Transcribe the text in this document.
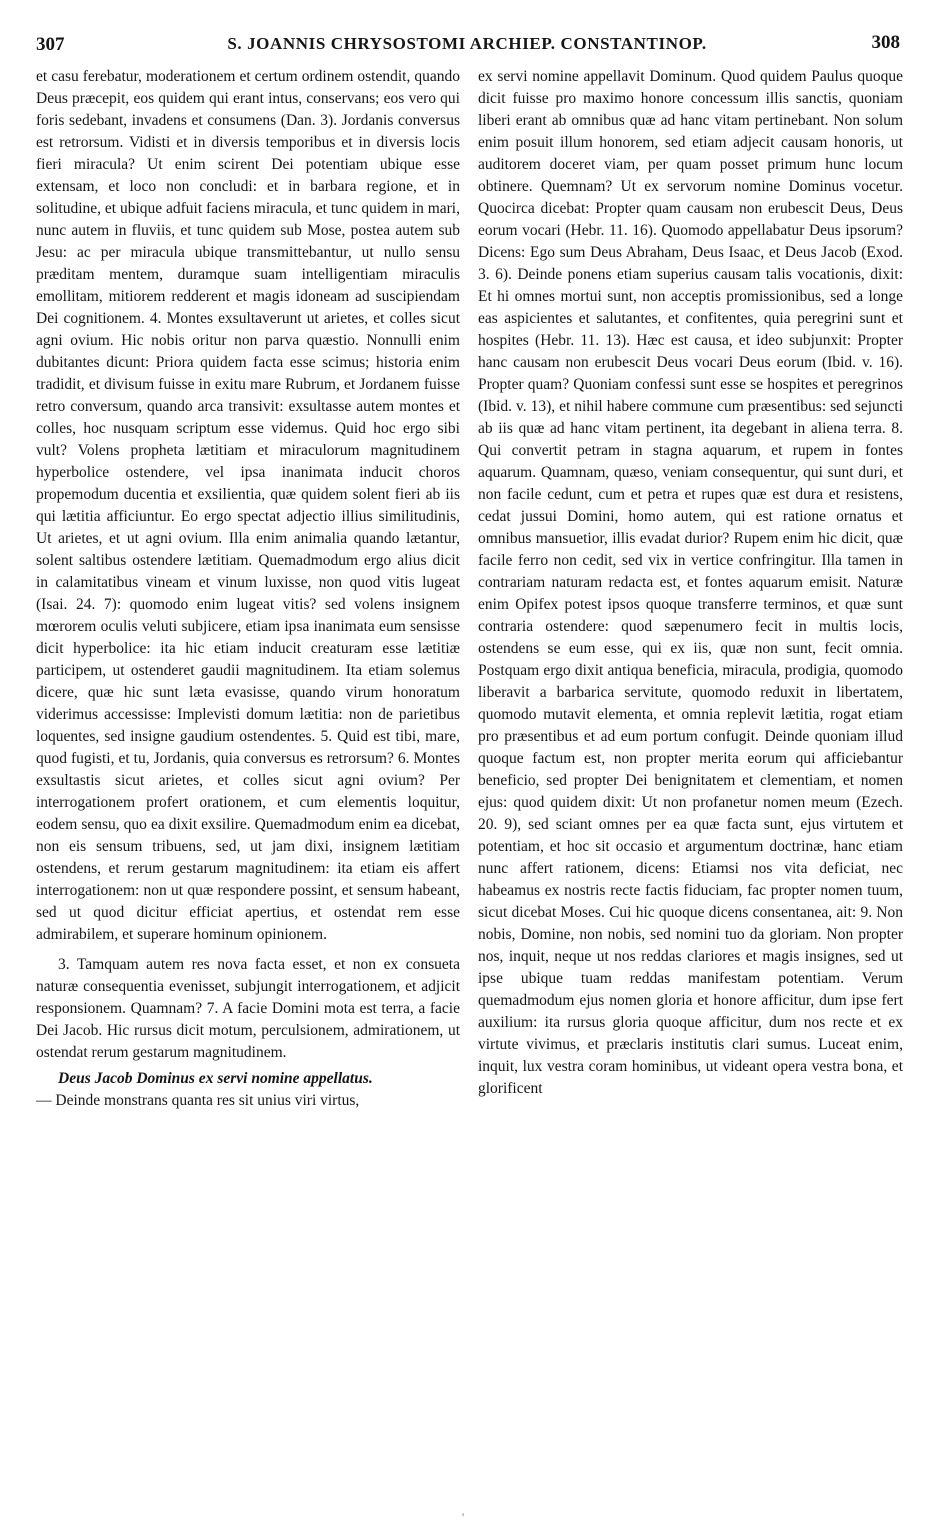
307	S. JOANNIS CHRYSOSTOMI ARCHIEP. CONSTANTINOP.	308

et casu ferebatur, moderationem et certum ordinem ostendit, quando Deus præcepit, eos quidem qui erant intus, conservans; eos vero qui foris sedebant, invadens et consumens (Dan. 3). Jordanis conversus est retrorsum. Vidisti et in diversis temporibus et in diversis locis fieri miracula? Ut enim scirent Dei potentiam ubique esse extensam, et loco non concludi: et in barbara regione, et in solitudine, et ubique adfuit faciens miracula, et tunc quidem in mari, nunc autem in fluviis, et tunc quidem sub Mose, postea autem sub Jesu: ac per miracula ubique transmittebantur, ut nullo sensu præditam mentem, duramque suam intelligentiam miraculis emollitam, mitiorem redderent et magis idoneam ad suscipiendam Dei cognitionem. 4. Montes exsultaverunt ut arietes, et colles sicut agni ovium. Hic nobis oritur non parva quæstio. Nonnulli enim dubitantes dicunt: Priora quidem facta esse scimus; historia enim tradidit, et divisum fuisse in exitu mare Rubrum, et Jordanem fuisse retro conversum, quando arca transivit: exsultasse autem montes et colles, hoc nusquam scriptum esse videmus. Quid hoc ergo sibi vult? Volens propheta lætitiam et miraculorum magnitudinem hyperbolice ostendere, vel ipsa inanimata inducit choros propemodum ducentia et exsilientia, quæ quidem solent fieri ab iis qui lætitia afficiuntur. Eo ergo spectat adjectio illius similitudinis, Ut arietes, et ut agni ovium. Illa enim animalia quando lætantur, solent saltibus ostendere lætitiam. Quemadmodum ergo alius dicit in calamitatibus vineam et vinum luxisse, non quod vitis lugeat (Isai. 24. 7): quomodo enim lugeat vitis? sed volens insignem mœrorem oculis veluti subjicere, etiam ipsa inanimata eum sensisse dicit hyperbolice: ita hic etiam inducit creaturam esse lætitiæ participem, ut ostenderet gaudii magnitudinem. Ita etiam solemus dicere, quæ hic sunt læta evasisse, quando virum honoratum viderimus accessisse: Implevisti domum lætitia: non de parietibus loquentes, sed insigne gaudium ostendentes. 5. Quid est tibi, mare, quod fugisti, et tu, Jordanis, quia conversus es retrorsum? 6. Montes exsultastis sicut arietes, et colles sicut agni ovium? Per interrogationem profert orationem, et cum elementis loquitur, eodem sensu, quo ea dixit exsilire. Quemadmodum enim ea dicebat, non eis sensum tribuens, sed, ut jam dixi, insignem lætitiam ostendens, et rerum gestarum magnitudinem: ita etiam eis affert interrogationem: non ut quæ respondere possint, et sensum habeant, sed ut quod dicitur efficiat apertius, et ostendat rem esse admirabilem, et superare hominum opinionem.

3. Tamquam autem res nova facta esset, et non ex consueta naturæ consequentia evenisset, subjungit interrogationem, et adjicit responsionem. Quamnam? 7. A facie Domini mota est terra, a facie Dei Jacob. Hic rursus dicit motum, perculsionem, admirationem, ut ostendat rerum gestarum magnitudinem.

Deus Jacob Dominus ex servi nomine appellatus.

— Deinde monstrans quanta res sit unius viri virtus,

ex servi nomine appellavit Dominum. Quod quidem Paulus quoque dicit fuisse pro maximo honore concessum illis sanctis, quoniam liberi erant ab omnibus quæ ad hanc vitam pertinebant. Non solum enim posuit illum honorem, sed etiam adjecit causam honoris, ut auditorem doceret viam, per quam posset primum hunc locum obtinere. Quemnam? Ut ex servorum nomine Dominus vocetur. Quocirca dicebat: Propter quam causam non erubescit Deus, Deus eorum vocari (Hebr. 11. 16). Quomodo appellabatur Deus ipsorum? Dicens: Ego sum Deus Abraham, Deus Isaac, et Deus Jacob (Exod. 3. 6). Deinde ponens etiam superius causam talis vocationis, dixit: Et hi omnes mortui sunt, non acceptis promissionibus, sed a longe eas aspicientes et salutantes, et confitentes, quia peregrini sunt et hospites (Hebr. 11. 13). Hæc est causa, et ideo subjunxit: Propter hanc causam non erubescit Deus vocari Deus eorum (Ibid. v. 16). Propter quam? Quoniam confessi sunt esse se hospites et peregrinos (Ibid. v. 13), et nihil habere commune cum præsentibus: sed sejuncti ab iis quæ ad hanc vitam pertinent, ita degebant in aliena terra. 8. Qui convertit petram in stagna aquarum, et rupem in fontes aquarum. Quamnam, quæso, veniam consequentur, qui sunt duri, et non facile cedunt, cum et petra et rupes quæ est dura et resistens, cedat jussui Domini, homo autem, qui est ratione ornatus et omnibus mansuetior, illis evadat durior? Rupem enim hic dicit, quæ facile ferro non cedit, sed vix in vertice confringitur. Illa tamen in contrariam naturam redacta est, et fontes aquarum emisit. Naturæ enim Opifex potest ipsos quoque transferre terminos, et quæ sunt contraria ostendere: quod sæpenumero fecit in multis locis, ostendens se eum esse, qui ex iis, quæ non sunt, fecit omnia. Postquam ergo dixit antiqua beneficia, miracula, prodigia, quomodo liberavit a barbarica servitute, quomodo reduxit in libertatem, quomodo mutavit elementa, et omnia replevit lætitia, rogat etiam pro præsentibus et ad eum portum confugit. Deinde quoniam illud quoque factum est, non propter merita eorum qui afficiebantur beneficio, sed propter Dei benignitatem et clementiam, et nomen ejus: quod quidem dixit: Ut non profanetur nomen meum (Ezech. 20. 9), sed sciant omnes per ea quæ facta sunt, ejus virtutem et potentiam, et hoc sit occasio et argumentum doctrinæ, hanc etiam nunc affert rationem, dicens: Etiamsi nos vita deficiat, nec habeamus ex nostris recte factis fiduciam, fac propter nomen tuum, sicut dicebat Moses. Cui hic quoque dicens consentanea, ait: 9. Non nobis, Domine, non nobis, sed nomini tuo da gloriam. Non propter nos, inquit, neque ut nos reddas clariores et magis insignes, sed ut ipse ubique tuam reddas manifestam potentiam. Verum quemadmodum ejus nomen gloria et honore afficitur, dum ipse fert auxilium: ita rursus gloria quoque afficitur, dum nos recte et ex virtute vivimus, et præclaris institutis clari sumus. Luceat enim, inquit, lux vestra coram hominibus, ut videant opera vestra bona, et glorificent

'
